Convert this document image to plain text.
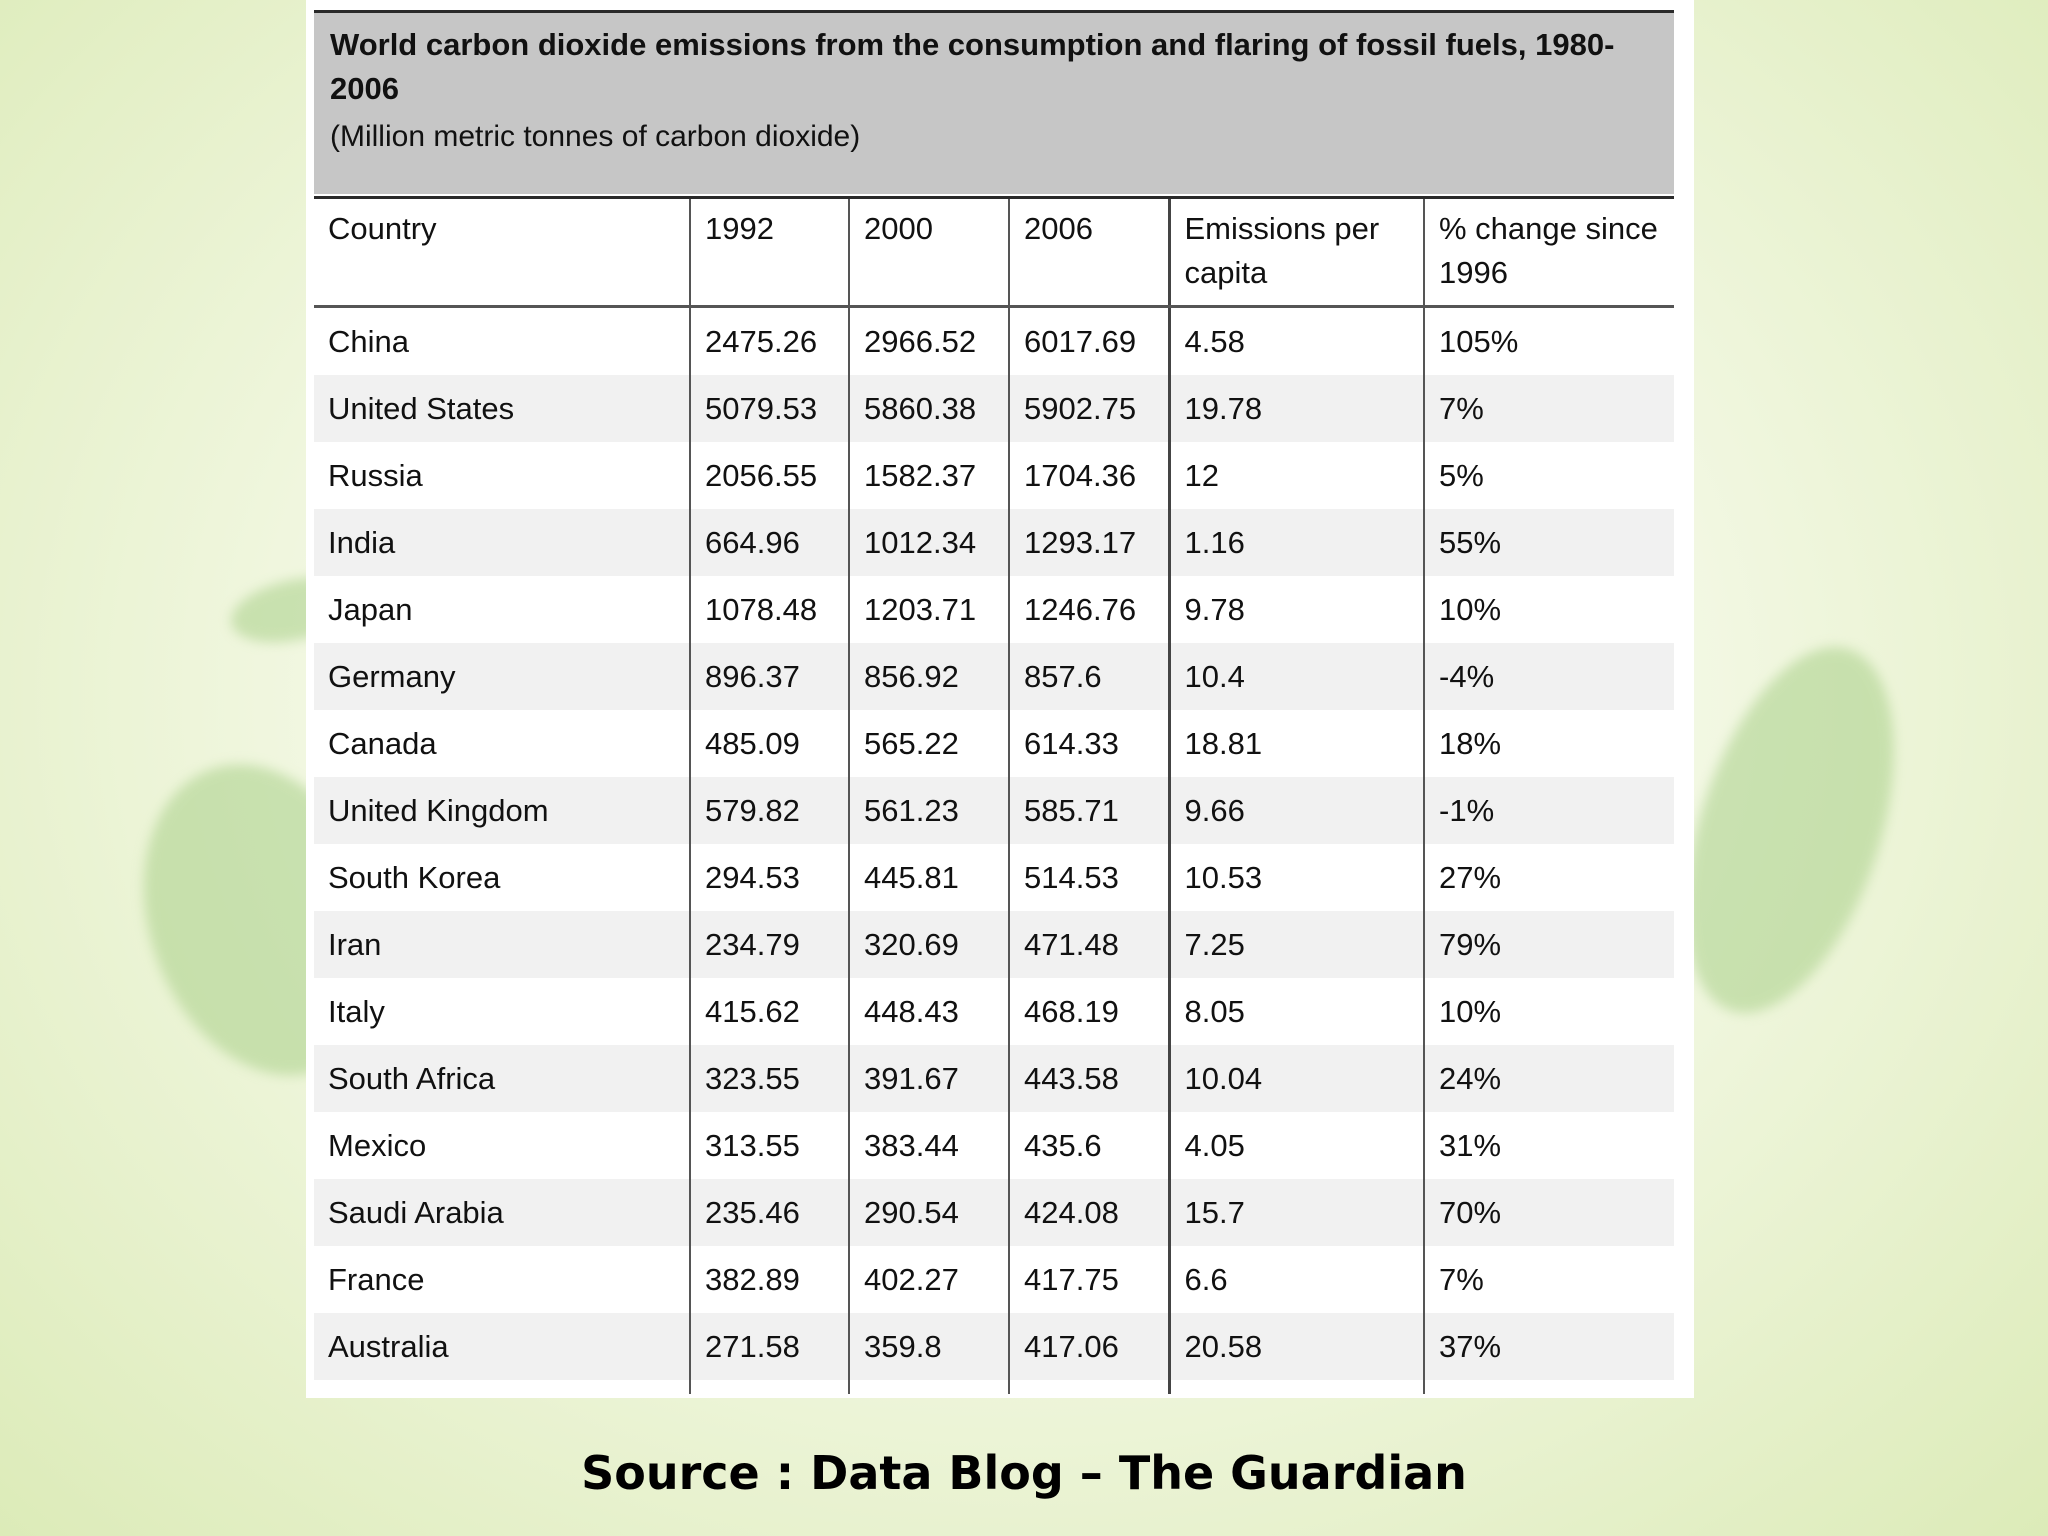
World carbon dioxide emissions from the consumption and flaring of fossil fuels, 1980-2006

(Million metric tonnes of carbon dioxide)
Country	1992	2000	2006	Emissions per capita	% change since 1996
China	2475.26	2966.52	6017.69	4.58	105%
United States	5079.53	5860.38	5902.75	19.78	7%
Russia	2056.55	1582.37	1704.36	12	5%
India	664.96	1012.34	1293.17	1.16	55%
Japan	1078.48	1203.71	1246.76	9.78	10%
Germany	896.37	856.92	857.6	10.4	-4%
Canada	485.09	565.22	614.33	18.81	18%
United Kingdom	579.82	561.23	585.71	9.66	-1%
South Korea	294.53	445.81	514.53	10.53	27%
Iran	234.79	320.69	471.48	7.25	79%
Italy	415.62	448.43	468.19	8.05	10%
South Africa	323.55	391.67	443.58	10.04	24%
Mexico	313.55	383.44	435.6	4.05	31%
Saudi Arabia	235.46	290.54	424.08	15.7	70%
France	382.89	402.27	417.75	6.6	7%
Australia	271.58	359.8	417.06	20.58	37%

Source : Data Blog – The Guardian
